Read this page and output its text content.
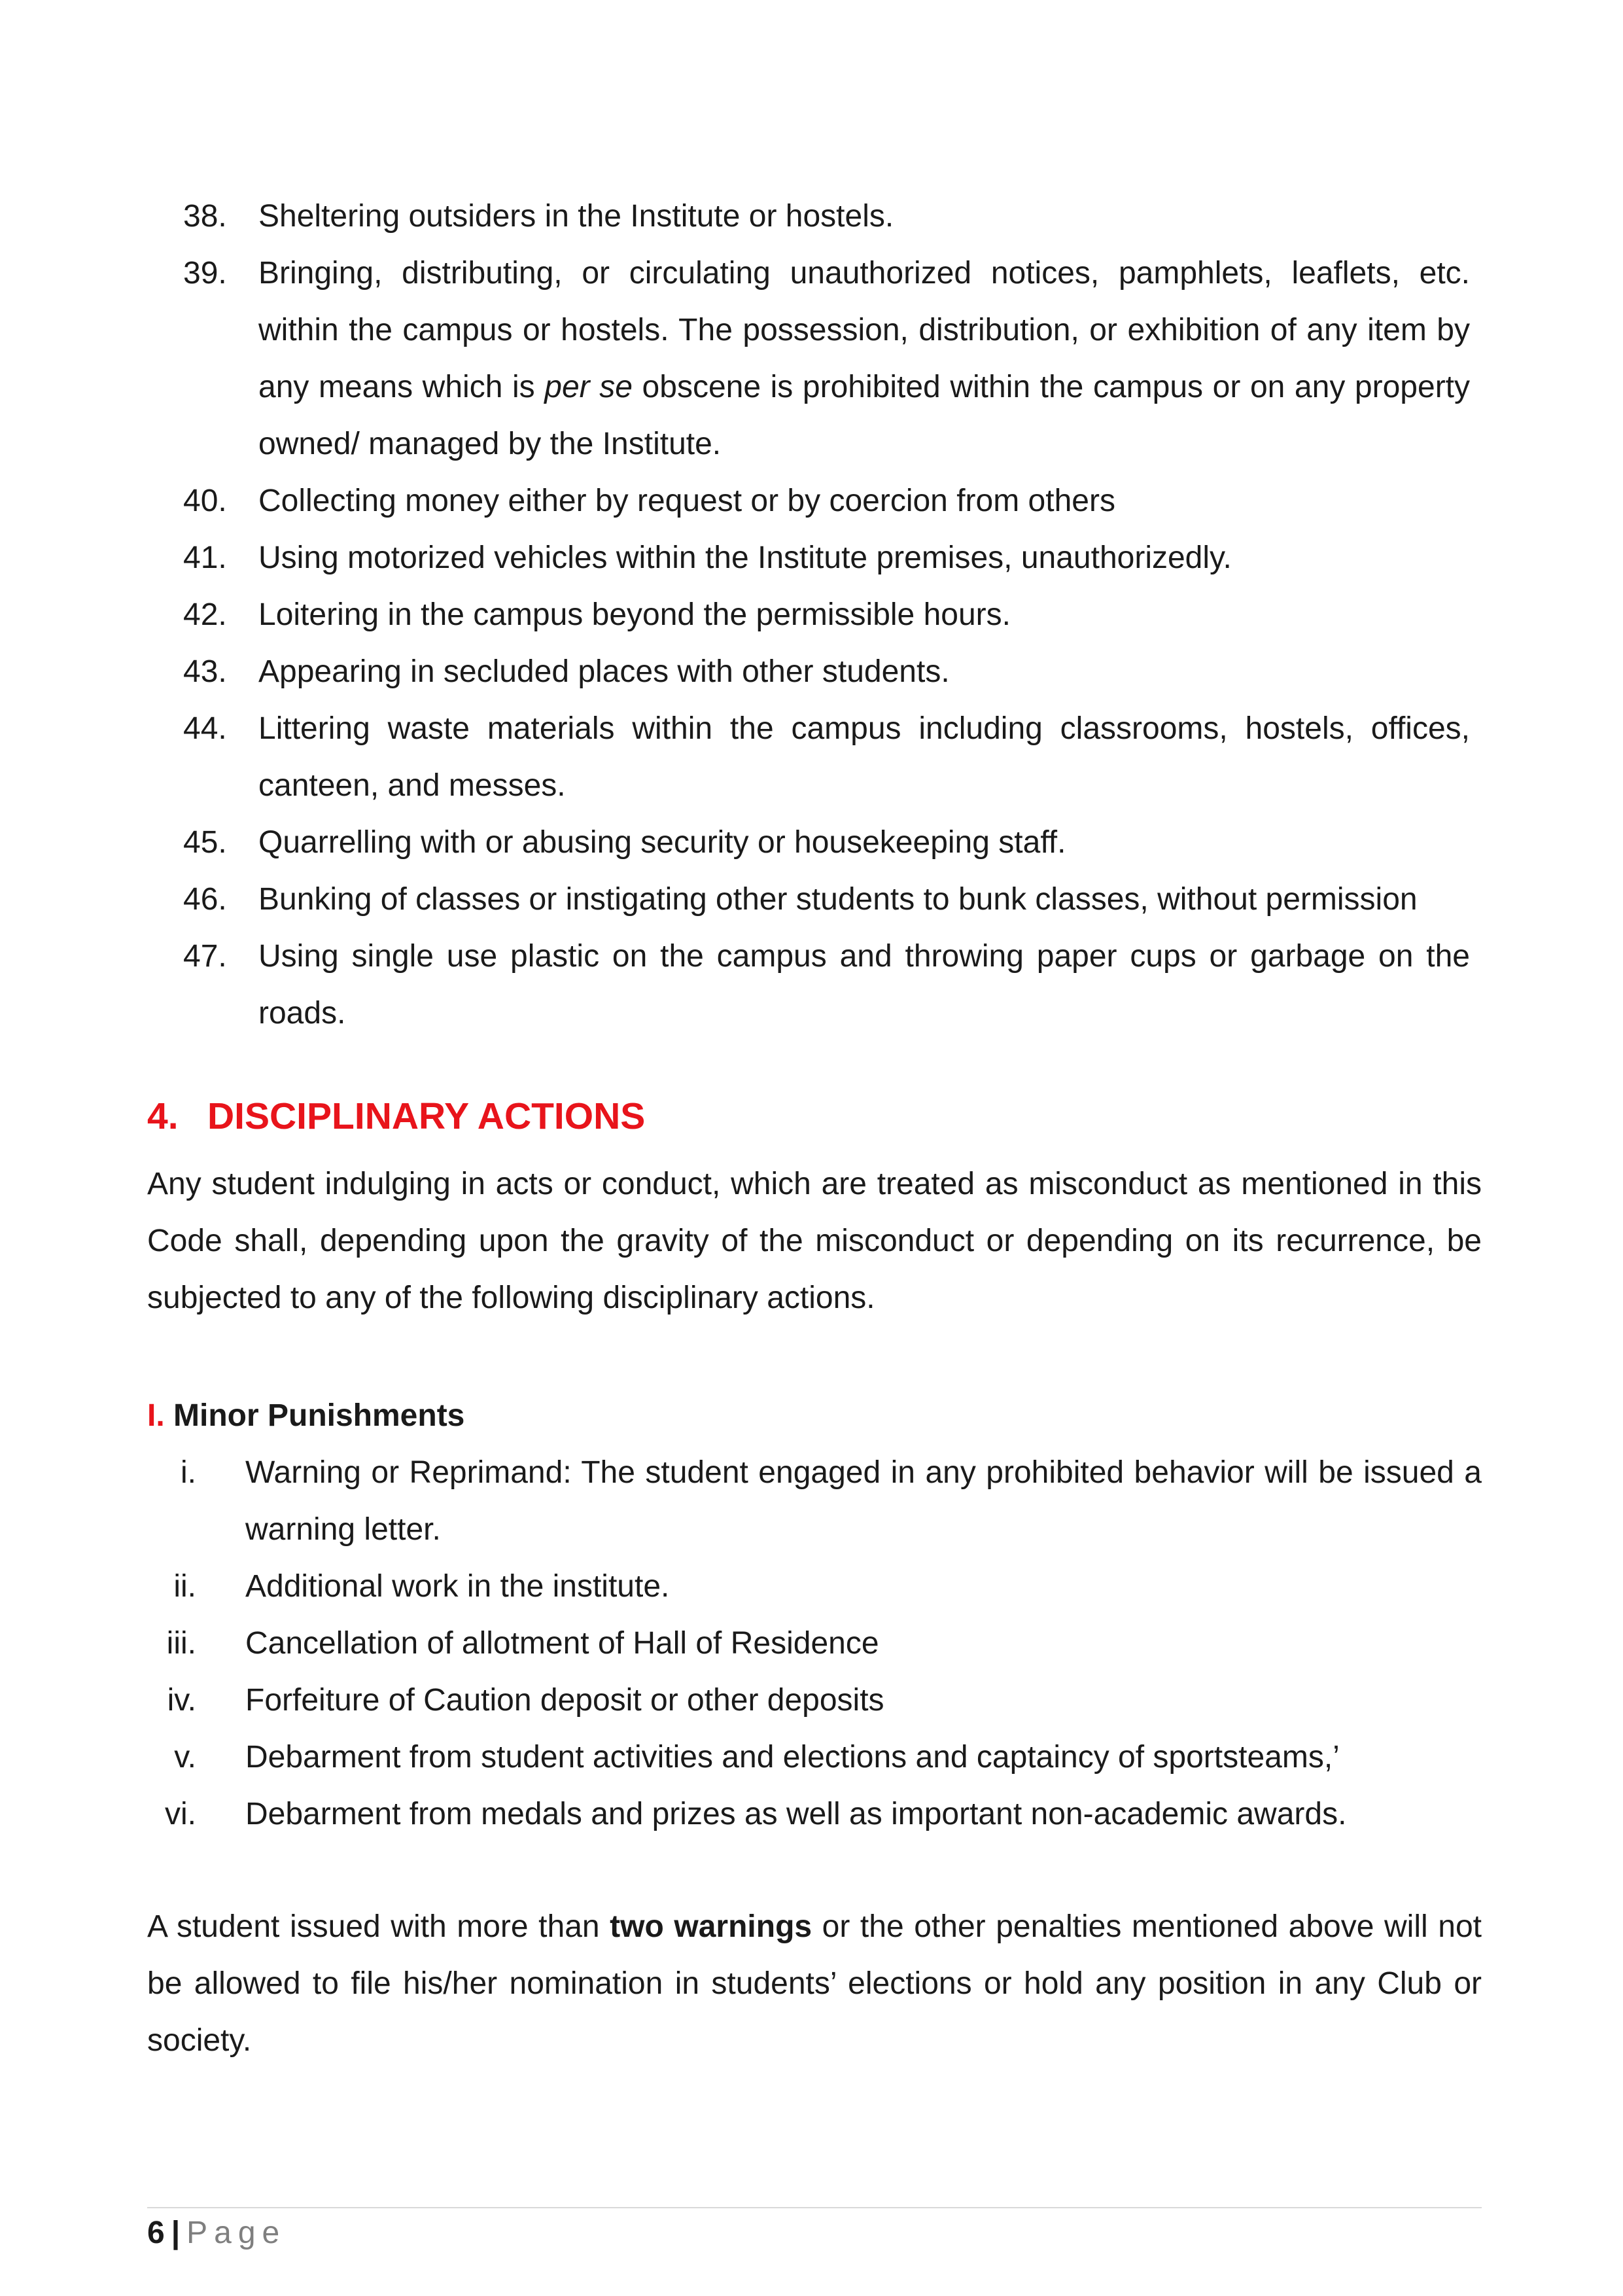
38. Sheltering outsiders in the Institute or hostels.
39. Bringing, distributing, or circulating unauthorized notices, pamphlets, leaflets, etc. within the campus or hostels. The possession, distribution, or exhibition of any item by any means which is per se obscene is prohibited within the campus or on any property owned/ managed by the Institute.
40. Collecting money either by request or by coercion from others
41. Using motorized vehicles within the Institute premises, unauthorizedly.
42. Loitering in the campus beyond the permissible hours.
43. Appearing in secluded places with other students.
44. Littering waste materials within the campus including classrooms, hostels, offices, canteen, and messes.
45. Quarrelling with or abusing security or housekeeping staff.
46. Bunking of classes or instigating other students to bunk classes, without permission
47. Using single use plastic on the campus and throwing paper cups or garbage on the roads.
4. DISCIPLINARY ACTIONS
Any student indulging in acts or conduct, which are treated as misconduct as mentioned in this Code shall, depending upon the gravity of the misconduct or depending on its recurrence, be subjected to any of the following disciplinary actions.
I. Minor Punishments
i. Warning or Reprimand: The student engaged in any prohibited behavior will be issued a warning letter.
ii. Additional work in the institute.
iii. Cancellation of allotment of Hall of Residence
iv. Forfeiture of Caution deposit or other deposits
v. Debarment from student activities and elections and captaincy of sportsteams,’
vi. Debarment from medals and prizes as well as important non-academic awards.
A student issued with more than two warnings or the other penalties mentioned above will not be allowed to file his/her nomination in students’ elections or hold any position in any Club or society.
6 | Page
